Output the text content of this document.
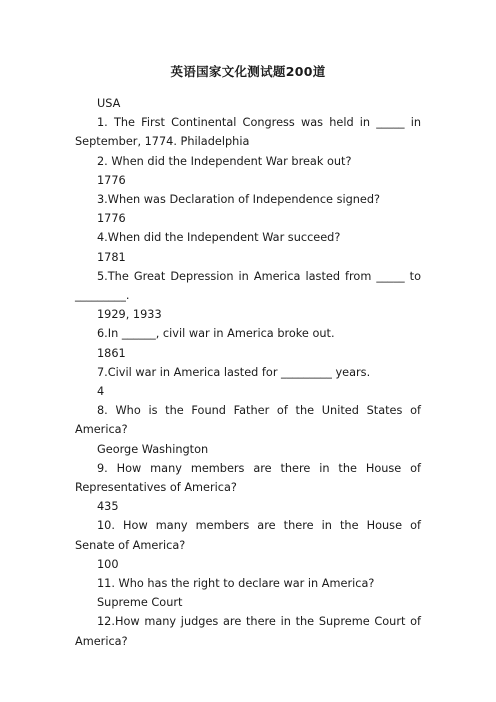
英语国家文化测试题200道

USA

1. The First Continental Congress was held in _____ in September, 1774. Philadelphia

2. When did the Independent War break out?

1776

3.When was Declaration of Independence signed?

1776

4.When did the Independent War succeed?

1781

5.The Great Depression in America lasted from _____ to _________.

1929, 1933

6.In ______, civil war in America broke out.

1861

7.Civil war in America lasted for _________ years.

4

8. Who is the Found Father of the United States of America?

George Washington

9. How many members are there in the House of Representatives of America?

435

10. How many members are there in the House of Senate of America?

100

11. Who has the right to declare war in America?

Supreme Court

12.How many judges are there in the Supreme Court of America?
